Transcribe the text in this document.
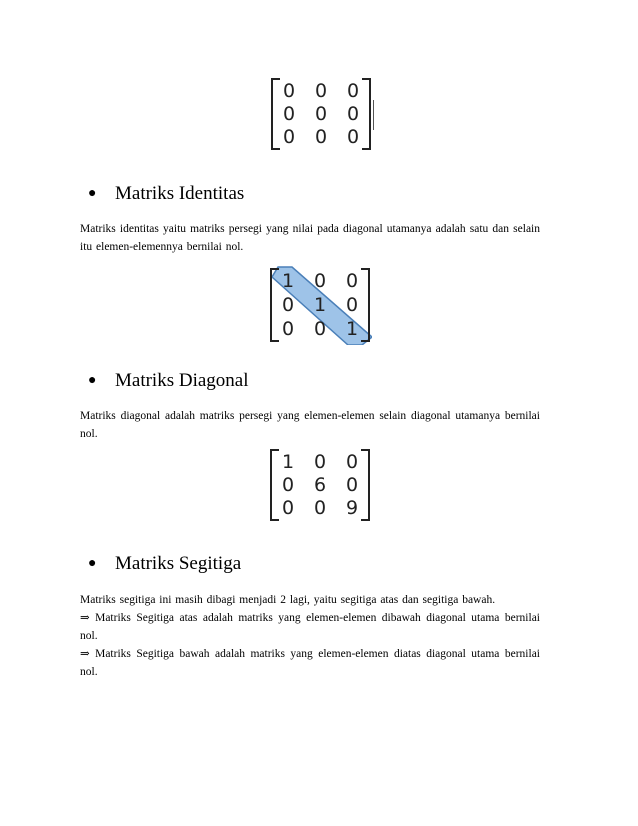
0 0 0
0 0 0
0 0 0
● Matriks Identitas

Matriks identitas yaitu matriks persegi yang nilai pada diagonal utamanya adalah satu dan selain itu elemen-elemennya bernilai nol.

1 0 0
0 1 0
0 0 1
● Matriks Diagonal

Matriks diagonal adalah matriks persegi yang elemen-elemen selain diagonal utamanya bernilai nol.

1 0 0
0 6 0
0 0 9
● Matriks Segitiga

Matriks segitiga ini masih dibagi menjadi 2 lagi, yaitu segitiga atas dan segitiga bawah.

⇒ Matriks Segitiga atas adalah matriks yang elemen-elemen dibawah diagonal utama bernilai nol.

⇒ Matriks Segitiga bawah adalah matriks yang elemen-elemen diatas diagonal utama bernilai nol.
